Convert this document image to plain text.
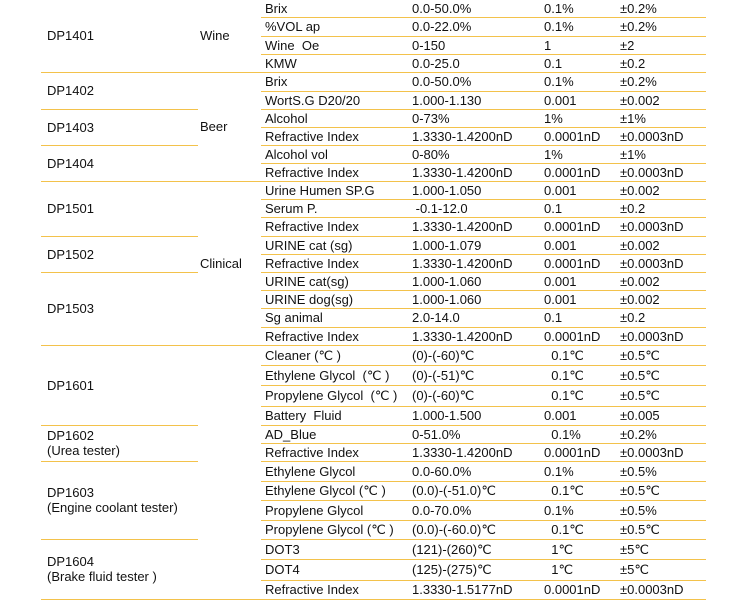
DP1401	Wine	Brix	0.0-50.0%	0.1%	±0.2%
		%VOL ap	0.0-22.0%	0.1%	±0.2%
		Wine  Oe	0-150	1	±2
		KMW	0.0-25.0	0.1	±0.2

DP1402	Beer	Brix	0.0-50.0%	0.1%	±0.2%
		WortS.G D20/20	1.000-1.130	0.001	±0.002

DP1403		Alcohol	0-73%	1%	±1%
		Refractive Index	1.3330-1.4200nD	0.0001nD	±0.0003nD

DP1404		Alcohol vol	0-80%	1%	±1%
		Refractive Index	1.3330-1.4200nD	0.0001nD	±0.0003nD

DP1501	Clinical	Urine Humen SP.G	1.000-1.050	0.001	±0.002
		Serum P.	-0.1-12.0	0.1	±0.2
		Refractive Index	1.3330-1.4200nD	0.0001nD	±0.0003nD

DP1502		URINE cat (sg)	1.000-1.079	0.001	±0.002
		Refractive Index	1.3330-1.4200nD	0.0001nD	±0.0003nD

DP1503		URINE cat(sg)	1.000-1.060	0.001	±0.002
		URINE dog(sg)	1.000-1.060	0.001	±0.002
		Sg animal	2.0-14.0	0.1	±0.2
		Refractive Index	1.3330-1.4200nD	0.0001nD	±0.0003nD

DP1601		Cleaner (℃ )	(0)-(-60)℃	0.1℃	±0.5℃
		Ethylene Glycol  (℃ )	(0)-(-51)℃	0.1℃	±0.5℃
		Propylene Glycol  (℃ )	(0)-(-60)℃	0.1℃	±0.5℃
		Battery  Fluid	1.000-1.500	0.001	±0.005

DP1602
(Urea tester)		AD_Blue	0-51.0%	0.1%	±0.2%
		Refractive Index	1.3330-1.4200nD	0.0001nD	±0.0003nD

DP1603
(Engine coolant tester)		Ethylene Glycol	0.0-60.0%	0.1%	±0.5%
		Ethylene Glycol (℃ )	(0.0)-(-51.0)℃	0.1℃	±0.5℃
		Propylene Glycol	0.0-70.0%	0.1%	±0.5%
		Propylene Glycol (℃ )	(0.0)-(-60.0)℃	0.1℃	±0.5℃

DP1604
(Brake fluid tester )		DOT3	(121)-(260)℃	1℃	±5℃
		DOT4	(125)-(275)℃	1℃	±5℃
		Refractive Index	1.3330-1.5177nD	0.0001nD	±0.0003nD
